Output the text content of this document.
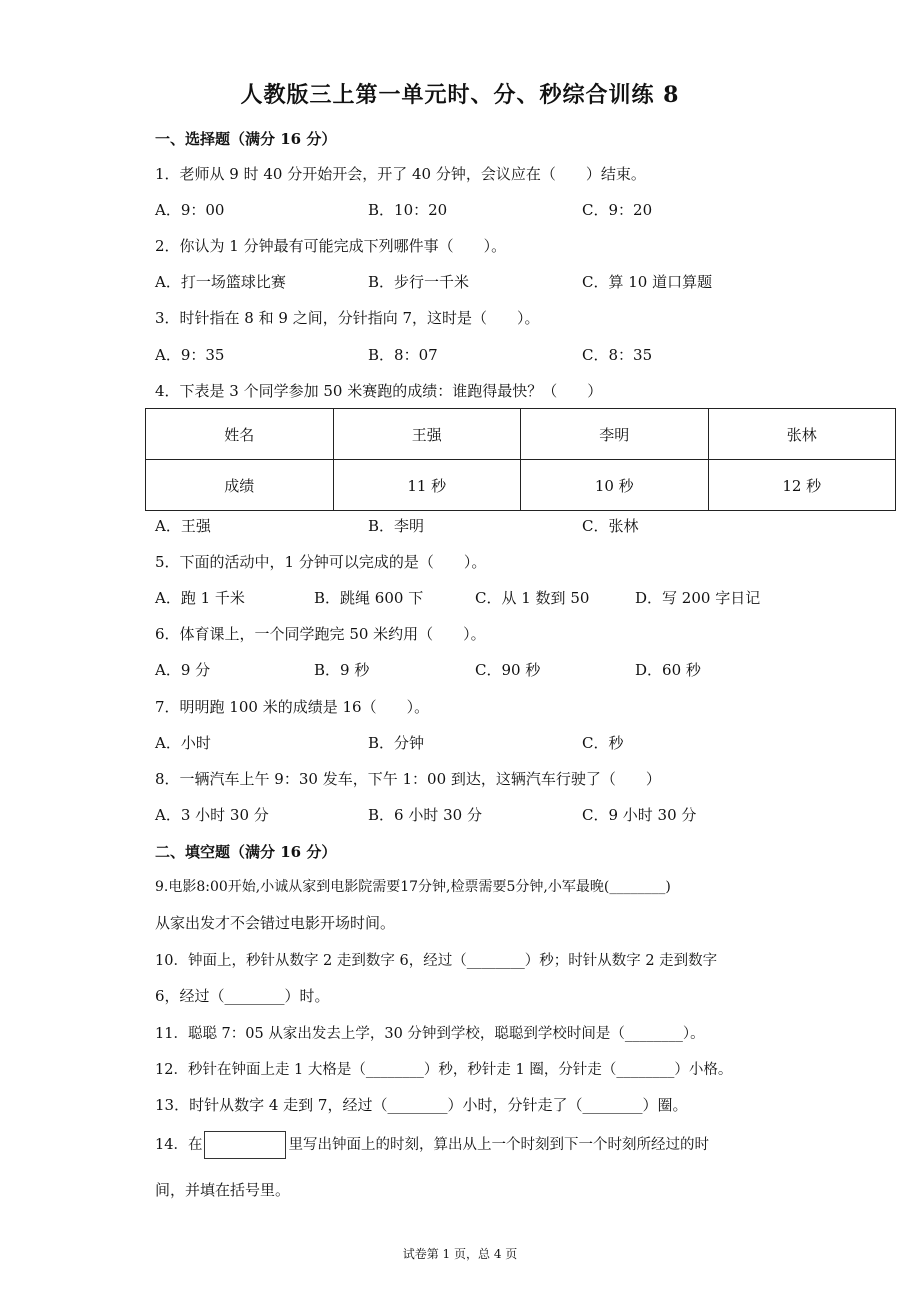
人教版三上第一单元时、分、秒综合训练 8
一、选择题（满分 16 分）
1．老师从 9 时 40 分开始开会，开了 40 分钟，会议应在（　　）结束。
A．9：00	B．10：20	C．9：20
2．你认为 1 分钟最有可能完成下列哪件事（　　）。
A．打一场篮球比赛	B．步行一千米	C．算 10 道口算题
3．时针指在 8 和 9 之间，分针指向 7，这时是（　　）。
A．9：35	B．8：07	C．8：35
4．下表是 3 个同学参加 50 米赛跑的成绩：谁跑得最快？（　　）
姓名	王强	李明	张林
成绩	11 秒	10 秒	12 秒
A．王强	B．李明	C．张林
5．下面的活动中，1 分钟可以完成的是（　　）。
A．跑 1 千米	B．跳绳 600 下	C．从 1 数到 50	D．写 200 字日记
6．体育课上，一个同学跑完 50 米约用（　　）。
A．9 分	B．9 秒	C．90 秒	D．60 秒
7．明明跑 100 米的成绩是 16（　　）。
A．小时	B．分钟	C．秒
8．一辆汽车上午 9：30 发车，下午 1：00 到达，这辆汽车行驶了（　　）
A．3 小时 30 分	B．6 小时 30 分	C．9 小时 30 分
二、填空题（满分 16 分）
9.电影8:00开始,小诚从家到电影院需要17分钟,检票需要5分钟,小军最晚(________)
从家出发才不会错过电影开场时间。
10．钟面上，秒针从数字 2 走到数字 6，经过（________）秒；时针从数字 2 走到数字
6，经过（________）时。
11．聪聪 7：05 从家出发去上学，30 分钟到学校，聪聪到学校时间是（________）。
12．秒针在钟面上走 1 大格是（________）秒，秒针走 1 圈，分针走（________）小格。
13．时针从数字 4 走到 7，经过（________）小时，分针走了（________）圈。
14．在	里写出钟面上的时刻，算出从上一个时刻到下一个时刻所经过的时
间，并填在括号里。
试卷第 1 页，总 4 页
